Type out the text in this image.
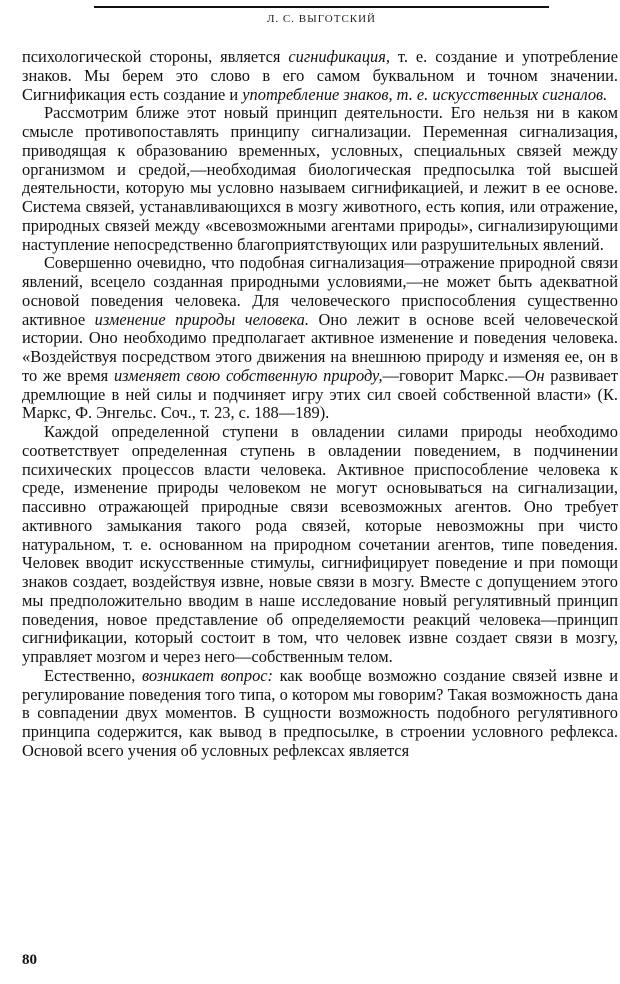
Л. С. ВЫГОТСКИЙ

психологической стороны, является сигнификация, т. е. создание и употребление знаков. Мы берем это слово в его самом буквальном и точном значении. Сигнификация есть создание и употребление знаков, т. е. искусственных сигналов.

Рассмотрим ближе этот новый принцип деятельности. Его нельзя ни в каком смысле противопоставлять принципу сигнализации. Переменная сигнализация, приводящая к образованию временных, условных, специальных связей между организмом и средой,—необходимая биологическая предпосылка той высшей деятельности, которую мы условно называем сигнификацией, и лежит в ее основе. Система связей, устанавливающихся в мозгу животного, есть копия, или отражение, природных связей между «всевозможными агентами природы», сигнализирующими наступление непосредственно благоприятствующих или разрушительных явлений.

Совершенно очевидно, что подобная сигнализация—отражение природной связи явлений, всецело созданная природными условиями,—не может быть адекватной основой поведения человека. Для человеческого приспособления существенно активное изменение природы человека. Оно лежит в основе всей человеческой истории. Оно необходимо предполагает активное изменение и поведения человека. «Воздействуя посредством этого движения на внешнюю природу и изменяя ее, он в то же время изменяет свою собственную природу,—говорит Маркс.—Он развивает дремлющие в ней силы и подчиняет игру этих сил своей собственной власти» (К. Маркс, Ф. Энгельс. Соч., т. 23, с. 188—189).

Каждой определенной ступени в овладении силами природы необходимо соответствует определенная ступень в овладении поведением, в подчинении психических процессов власти человека. Активное приспособление человека к среде, изменение природы человеком не могут основываться на сигнализации, пассивно отражающей природные связи всевозможных агентов. Оно требует активного замыкания такого рода связей, которые невозможны при чисто натуральном, т. е. основанном на природном сочетании агентов, типе поведения. Человек вводит искусственные стимулы, сигнифицирует поведение и при помощи знаков создает, воздействуя извне, новые связи в мозгу. Вместе с допущением этого мы предположительно вводим в наше исследование новый регулятивный принцип поведения, новое представление об определяемости реакций человека—принцип сигнификации, который состоит в том, что человек извне создает связи в мозгу, управляет мозгом и через него—собственным телом.

Естественно, возникает вопрос: как вообще возможно создание связей извне и регулирование поведения того типа, о котором мы говорим? Такая возможность дана в совпадении двух моментов. В сущности возможность подобного регулятивного принципа содержится, как вывод в предпосылке, в строении условного рефлекса. Основой всего учения об условных рефлексах является

80
